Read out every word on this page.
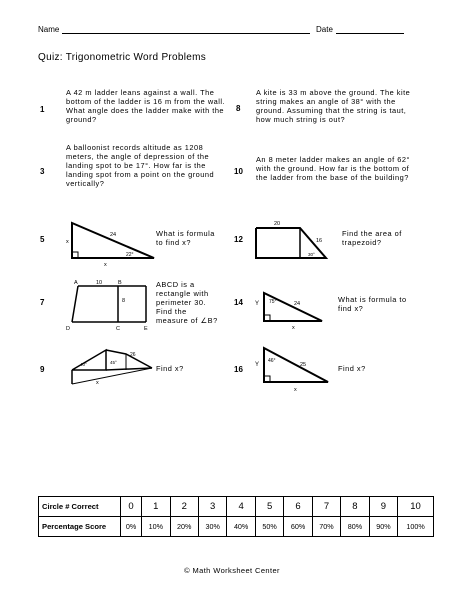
Name	Date
Quiz: Trigonometric Word Problems
1
A 42 m ladder leans against a wall. The bottom of the ladder is 16 m from the wall. What angle does the ladder make with the ground?
3
A balloonist records altitude as 1208 meters, the angle of depression of the landing spot to be 17°. How far is the landing spot from a point on the ground vertically?
8
A kite is 33 m above the ground. The kite string makes an angle of 38° with the ground. Assuming that the string is taut, how much string is out?
10
An 8 meter ladder makes an angle of 62° with the ground. How far is the bottom of the ladder from the base of the building?
5	24
22°
x
x
What is formula to find x?
7
A	10	B
8
D	C	E
ABCD is a rectangle with perimeter 30. Find the measure of ∠B?
9
40°	45°
26
x
Find x?
12
20
16
30°
Find the area of trapezoid?
14 Y 75°	24
x
What is formula to find x?
16 Y
46°
25
x
Find x?
Circle # Correct	0	1	2	3	4	5	6	7	8	9	10
Percentage Score	0%	10%	20%	30%	40%	50%	60%	70%	80%	90%	100%
© Math Worksheet Center
